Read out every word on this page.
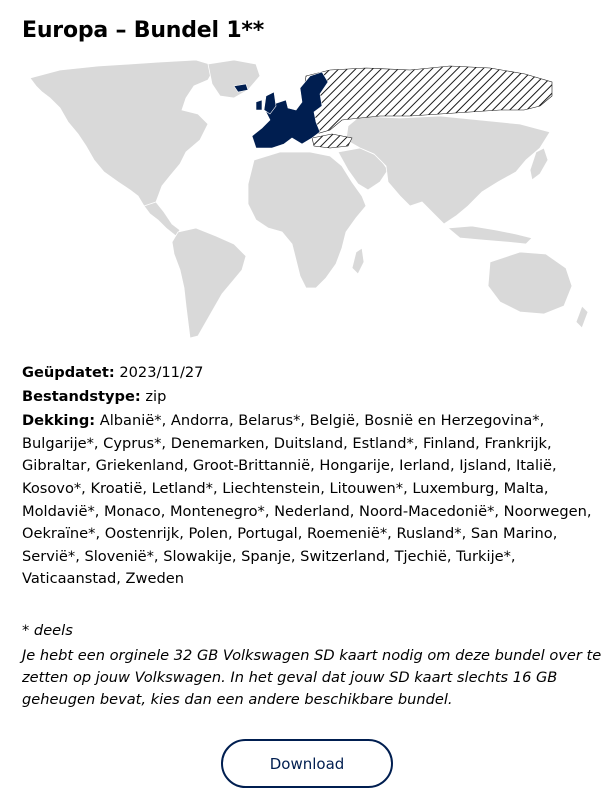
Europa – Bundel 1**

Geüpdatet: 2023/11/27

Bestandstype: zip

Dekking: Albanië*, Andorra, Belarus*, België, Bosnië en Herzegovina*, Bulgarije*, Cyprus*, Denemarken, Duitsland, Estland*, Finland, Frankrijk, Gibraltar, Griekenland, Groot-Brittannië, Hongarije, Ierland, Ijsland, Italië, Kosovo*, Kroatië, Letland*, Liechtenstein, Litouwen*, Luxemburg, Malta, Moldavië*, Monaco, Montenegro*, Nederland, Noord-Macedonië*, Noorwegen, Oekraïne*, Oostenrijk, Polen, Portugal, Roemenië*, Rusland*, San Marino, Servië*, Slovenië*, Slowakije, Spanje, Switzerland, Tjechië, Turkije*, Vaticaanstad, Zweden

* deels

Je hebt een orginele 32 GB Volkswagen SD kaart nodig om deze bundel over te zetten op jouw Volkswagen. In het geval dat jouw SD kaart slechts 16 GB geheugen bevat, kies dan een andere beschikbare bundel.

Download
